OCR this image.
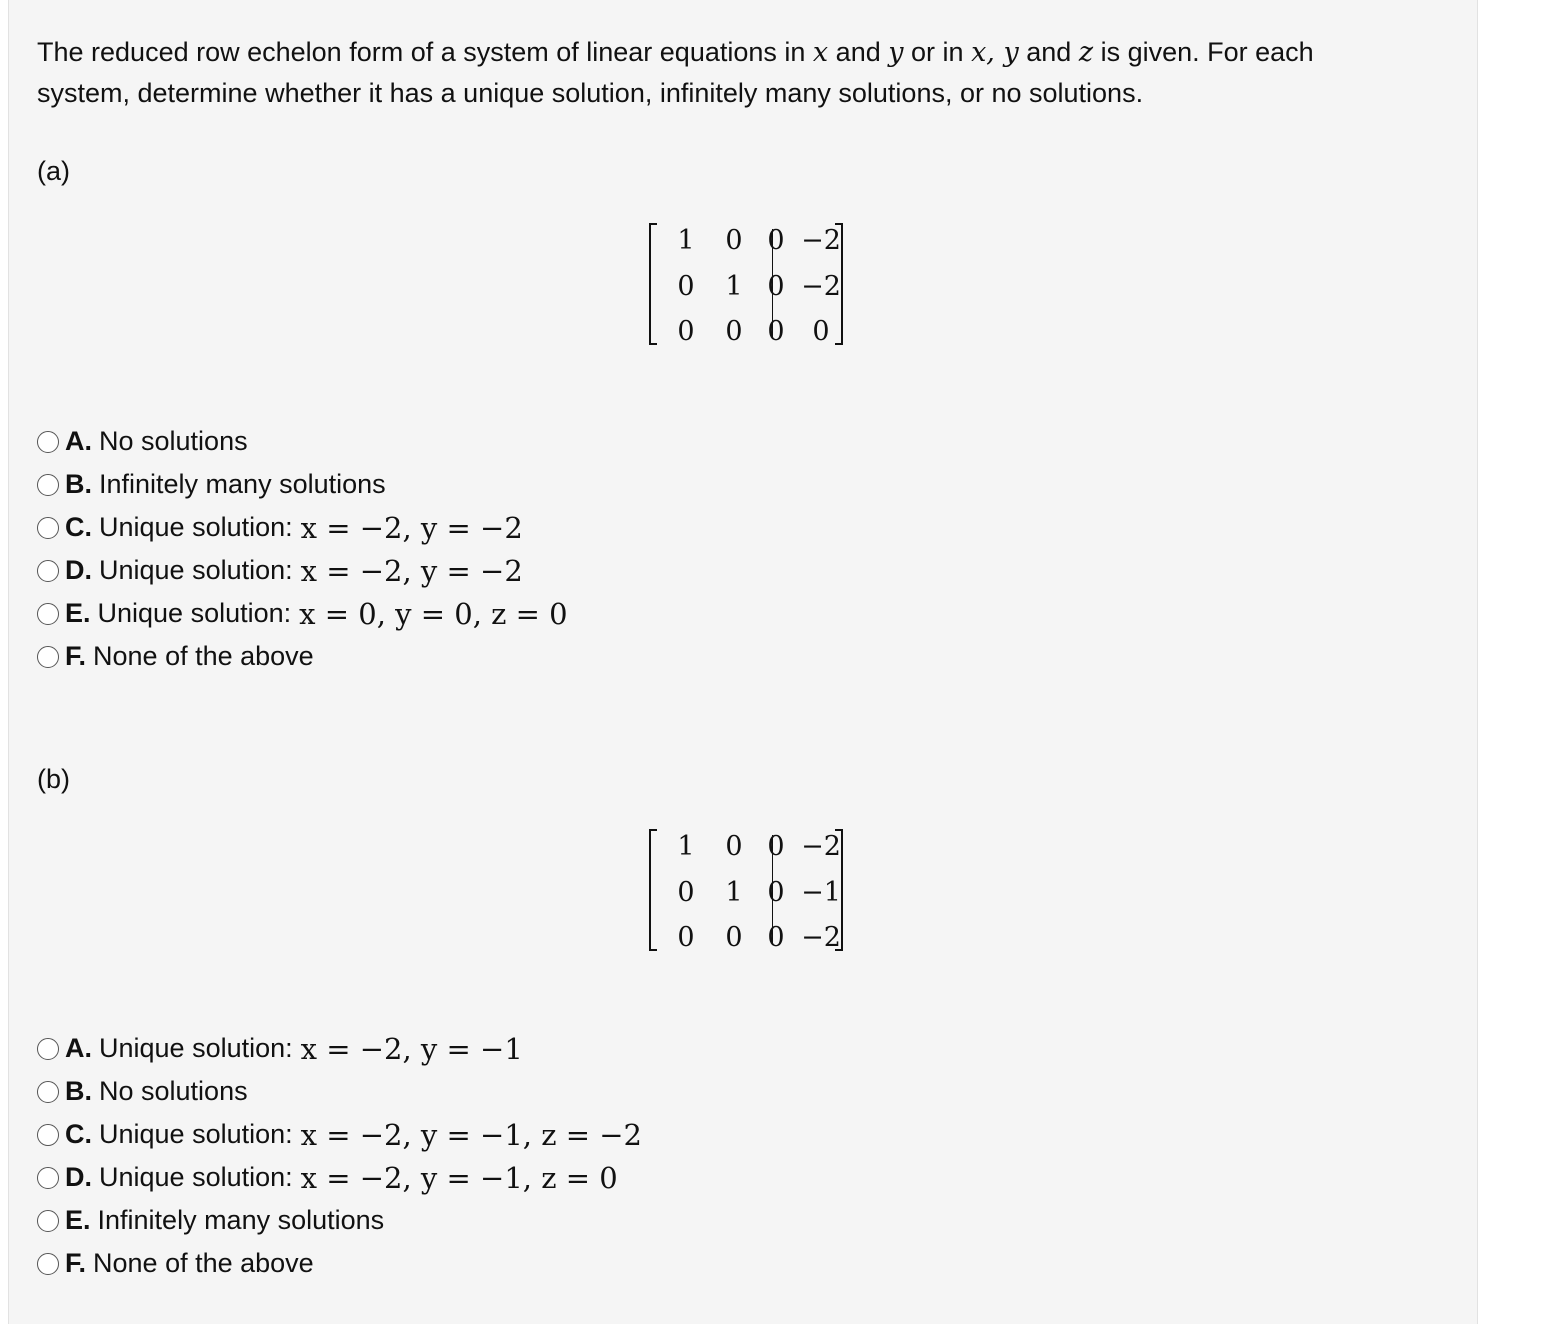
The reduced row echelon form of a system of linear equations in x and y or in x, y and z is given. For each
system, determine whether it has a unique solution, infinitely many solutions, or no solutions.
(a)
1	0 0 −2
0	1 0 −2
0	0 0	0
A. No solutions
B. Infinitely many solutions
C. Unique solution: x = −2, y = −2
D. Unique solution: x = −2, y = −2
E. Unique solution: x = 0, y = 0, z = 0
F. None of the above
(b)
1	0 0 −2
0	1 0 −1
0	0 0 −2
A. Unique solution: x = −2, y = −1
B. No solutions
C. Unique solution: x = −2, y = −1, z = −2
D. Unique solution: x = −2, y = −1, z = 0
E. Infinitely many solutions
F. None of the above
